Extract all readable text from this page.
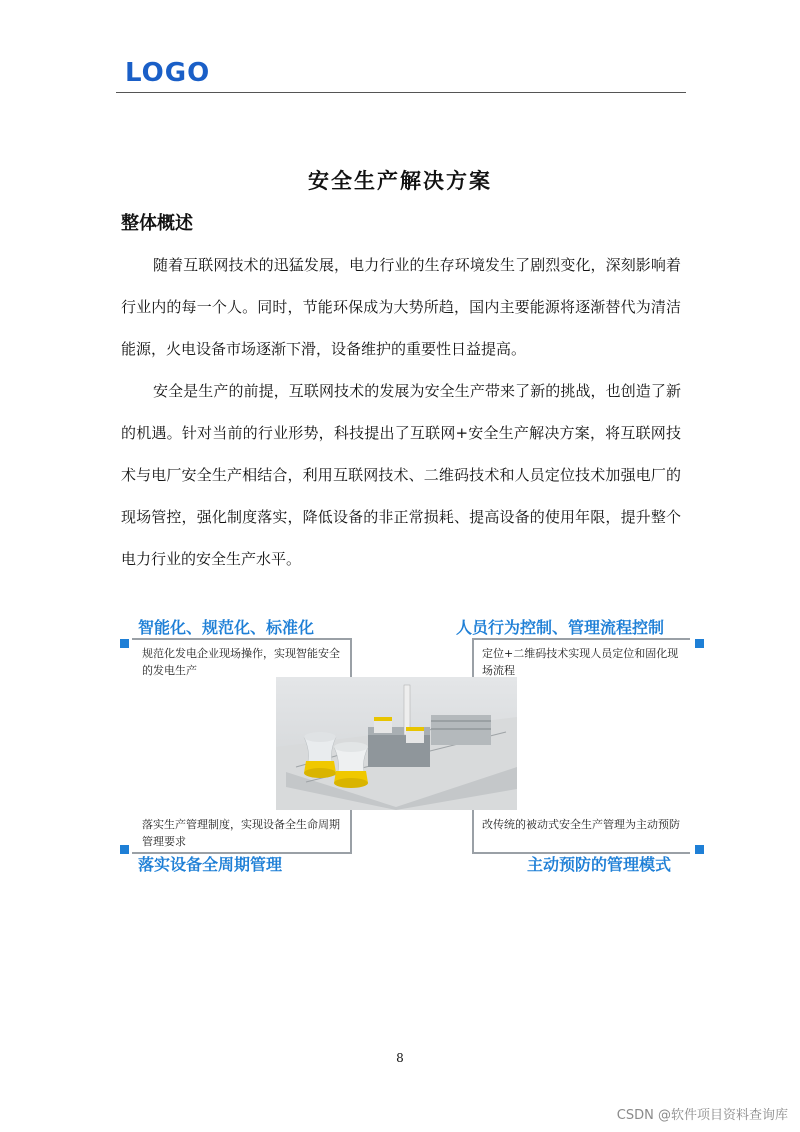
LOGO
安全生产解决方案
整体概述

随着互联网技术的迅猛发展，电力行业的生存环境发生了剧烈变化，深刻影响着行业内的每一个人。同时，节能环保成为大势所趋，国内主要能源将逐渐替代为清洁能源，火电设备市场逐渐下滑，设备维护的重要性日益提高。

安全是生产的前提，互联网技术的发展为安全生产带来了新的挑战，也创造了新的机遇。针对当前的行业形势，科技提出了互联网+安全生产解决方案，将互联网技术与电厂安全生产相结合，利用互联网技术、二维码技术和人员定位技术加强电厂的现场管控，强化制度落实，降低设备的非正常损耗、提高设备的使用年限，提升整个电力行业的安全生产水平。

智能化、规范化、标准化
规范化发电企业现场操作，实现智能安全的发电生产
人员行为控制、管理流程控制
定位+二维码技术实现人员定位和固化现场流程
落实生产管理制度，实现设备全生命周期管理要求
落实设备全周期管理
改传统的被动式安全生产管理为主动预防
主动预防的管理模式
8
CSDN @软件项目资料查询库
